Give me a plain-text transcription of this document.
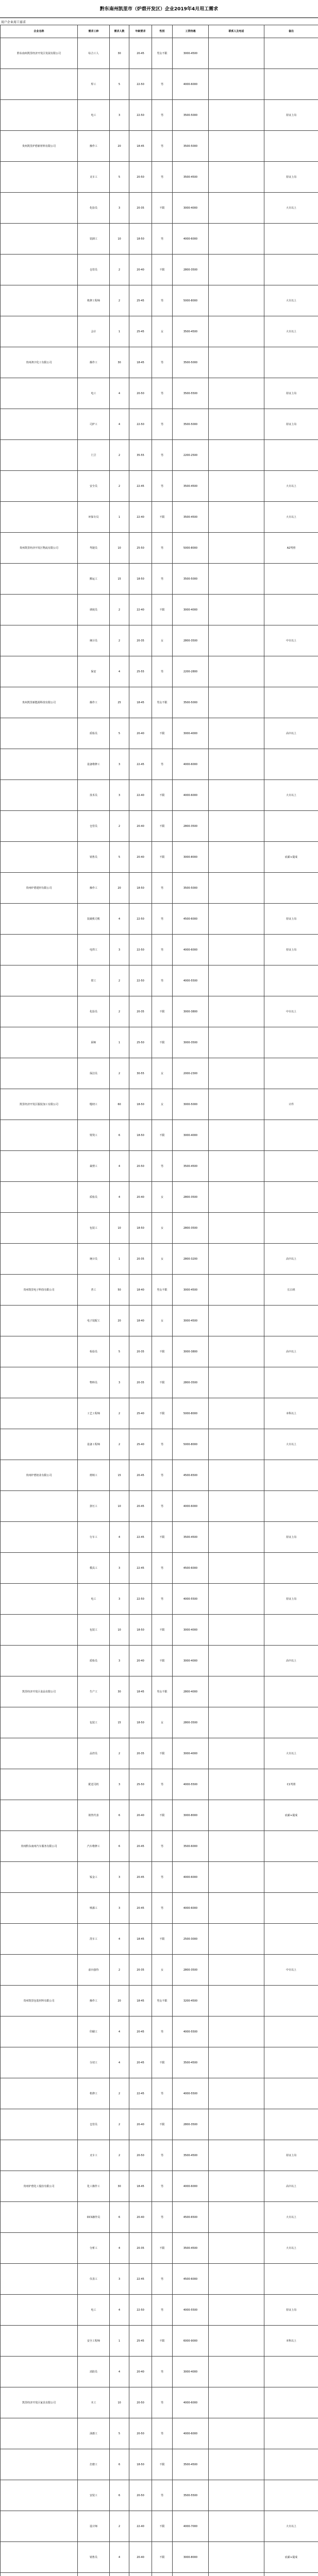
黔东南州凯里市（炉碧开发区）企业2019年4月用工需求
用户企业用工需求
企业名称	需求工种	需求人数	年龄要求	性别	工资待遇	联系人及电话	备注
黔东南州凯里经济开发区发展有限公司	综合工人	30	20-45	男女不限	3000-4500		
	焊工	5	22-50	男	4000-6000		
	电工	3	22-50	男	3500-5000		持证上岗
贵州凯里炉碧新材料有限公司	操作工	20	18-45	男	3500-5000		
	叉车工	5	20-50	男	3500-4500		持证上岗
	化验员	3	20-35	不限	3000-4000		大专以上
	装卸工	10	18-50	男	4000-6000		
	仓管员	2	20-40	不限	2800-3500		
	机修工程师	2	25-45	男	5000-8000		大专以上
	会计	1	25-45	女	3500-4500		大专以上
贵州鸿宇化工有限公司	操作工	30	18-45	男	3500-5000		
	电工	4	20-50	男	3500-5500		持证上岗
	司炉工	4	22-50	男	3500-5000		持证上岗
	门卫	2	35-55	男	2200-2500		
	安全员	2	22-45	男	3500-4500		大专以上
	环保专员	1	22-40	不限	3500-4500		大专以上
贵州凯里经济开发区物流有限公司	驾驶员	10	25-50	男	5000-8000		A2驾照
	搬运工	15	18-50	男	3500-5000		
	调度员	2	22-40	不限	3000-4000		
	统计员	2	20-35	女	2800-3500		中专以上
	保安	4	25-55	男	2200-2800		
贵州凯里新能源科技有限公司	操作工	25	18-45	男女不限	3500-5000		
	质检员	5	20-40	不限	3000-4000		高中以上
	设备维修工	3	22-45	男	4000-6000		
	技术员	3	22-40	不限	4000-6000		大专以上
	仓管员	2	20-40	不限	2800-3500		
	销售员	5	20-40	不限	3000-8000		底薪+提成
贵州炉碧建材有限公司	操作工	20	18-50	男	3500-5000		
	装载机司机	4	22-50	男	4500-6000		持证上岗
	电焊工	3	22-50	男	4000-6000		持证上岗
	钳工	2	22-50	男	4000-5500		
	化验员	2	20-35	不限	3000-3800		中专以上
	厨师	1	25-50	不限	3000-3500		
	保洁员	2	30-55	女	2000-2300		
凯里经济开发区服装加工有限公司	缝纫工	60	18-50	女	3000-5000		计件
	熨烫工	6	18-50	不限	3000-4000		
	裁剪工	4	20-50	男	3500-4500		
	质检员	4	20-40	女	2800-3500		
	包装工	10	18-50	女	2800-3500		
	统计员	1	20-35	女	2800-3200		高中以上
贵州凯里电子科技有限公司	普工	50	18-40	男女不限	3000-4500		长白班
	电子装配工	20	18-40	女	3000-4500		
	检验员	5	20-35	不限	3000-3800		高中以上
	物料员	3	20-35	不限	2800-3500		
	工艺工程师	2	25-40	不限	5000-8000		本科以上
	设备工程师	2	25-40	男	5000-8000		大专以上
贵州炉碧铝业有限公司	熔铸工	15	20-45	男	4500-6500		
	挤压工	10	20-45	男	4000-6000		
	行车工	4	22-45	不限	3500-4500		持证上岗
	模具工	3	22-45	男	4500-6000		
	电工	3	22-50	男	4000-5500		持证上岗
	包装工	10	18-50	不限	3000-4000		
	质检员	3	20-40	不限	3000-4000		高中以上
凯里经济开发区食品有限公司	生产工	30	18-45	男女不限	2800-4000		
	包装工	15	18-50	女	2800-3500		
	品控员	2	20-35	不限	3000-4000		大专以上
	配送司机	3	25-50	男	4000-5500		C1驾照
	销售代表	6	20-40	不限	3000-8000		底薪+提成
贵州黔东南州汽车服务有限公司	汽车维修工	6	20-45	男	3500-6000		
	钣金工	3	20-45	男	4000-6000		
	喷漆工	3	20-45	男	4000-6000		
	洗车工	4	18-45	不限	2500-3000		
	前台接待	2	20-35	女	2800-3500		中专以上
贵州凯里包装材料有限公司	操作工	20	18-45	男女不限	3200-4500		
	印刷工	4	20-45	男	4000-5500		
	分切工	4	20-45	不限	3500-4500		
	机修工	2	22-45	男	4000-5500		
	仓管员	2	20-40	不限	2800-3500		
	叉车工	2	20-50	男	3500-4500		持证上岗
贵州炉碧化工股份有限公司	化工操作工	30	18-45	男	4000-6000		高中以上
	DCS操作员	6	20-40	男	4500-6500		大专以上
	分析工	4	20-35	不限	3500-4500		大专以上
	仪表工	3	22-45	男	4500-6000		
	电工	4	22-50	男	4000-5500		持证上岗
	安全工程师	1	25-45	不限	6000-9000		本科以上
	消防员	4	20-40	男	3000-4000		
凯里经济开发区家具有限公司	木工	10	20-50	男	4000-6000		
	油漆工	5	20-50	男	4000-6000		
	打磨工	6	18-50	不限	3500-4500		
	安装工	6	20-50	男	3500-5500		
	设计师	2	22-40	不限	4000-7000		大专以上
	销售员	4	20-40	不限	3000-8000		底薪+提成
